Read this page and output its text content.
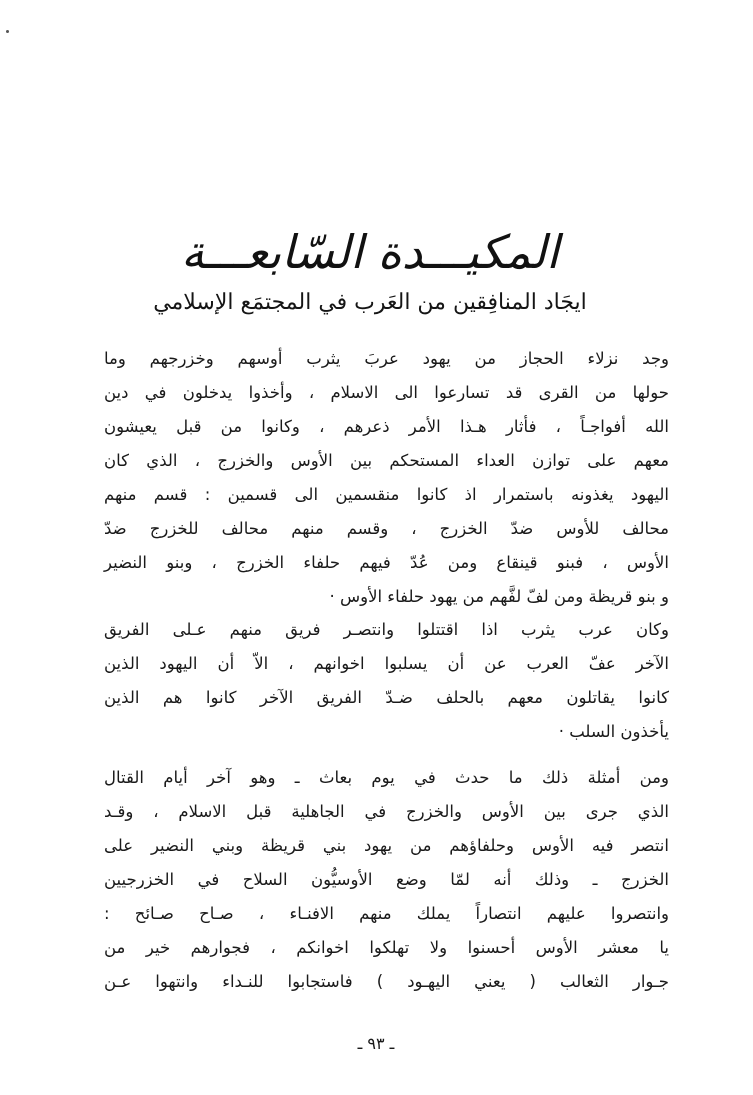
المكيـــدة السّابعـــة
ايجَاد المنافِقين من العَرب في المجتمَع الإسلامي
وجد نزلاء الحجاز من يهود عربَ يثرب أوسهم وخزرجهم وما
حولها من القرى قد تسارعوا الى الاسلام ، وأخذوا يدخلون في دين
الله أفواجـاً ، فأثار هـذا الأمر ذعرهم ، وكانوا من قبل يعيشون
معهم على توازن العداء المستحكم بين الأوس والخزرج ، الذي كان
اليهود يغذونه باستمرار اذ كانوا منقسمين الى قسمين : قسم منهم
محالف للأوس ضدّ الخزرج ، وقسم منهم محالف للخزرج ضدّ
الأوس ، فبنو قينقاع ومن عُدّ فيهم حلفاء الخزرج ، وبنو النضير
و بنو قريظة ومن لفّ لفَّهم من يهود حلفاء الأوس ·
وكان عرب يثرب اذا اقتتلوا وانتصـر فريق منهم عـلى الفريق
الآخر عفّ العرب عن أن يسلبوا اخوانهم ، الاّ أن اليهود الذين
كانوا يقاتلون معهم بالحلف ضـدّ الفريق الآخر كانوا هم الذين
يأخذون السلب ·
ومن أمثلة ذلك ما حدث في يوم بعاث ـ وهو آخر أيام القتال
الذي جرى بين الأوس والخزرج في الجاهلية قبل الاسلام ، وقـد
انتصر فيه الأوس وحلفاؤهم من يهود بني قريظة وبني النضير على
الخزرج ـ وذلك أنه لمّا وضع الأوسيُّون السلاح في الخزرجيين
وانتصروا عليهم انتصاراً يملك منهم الافنـاء ، صـاح صـائح :
يا معشر الأوس أحسنوا ولا تهلكوا اخوانكم ، فجوارهم خير من
جـوار الثعالب ( يعني اليهـود ) فاستجابوا للنـداء وانتهوا عـن
ـ ٩٣ ـ
